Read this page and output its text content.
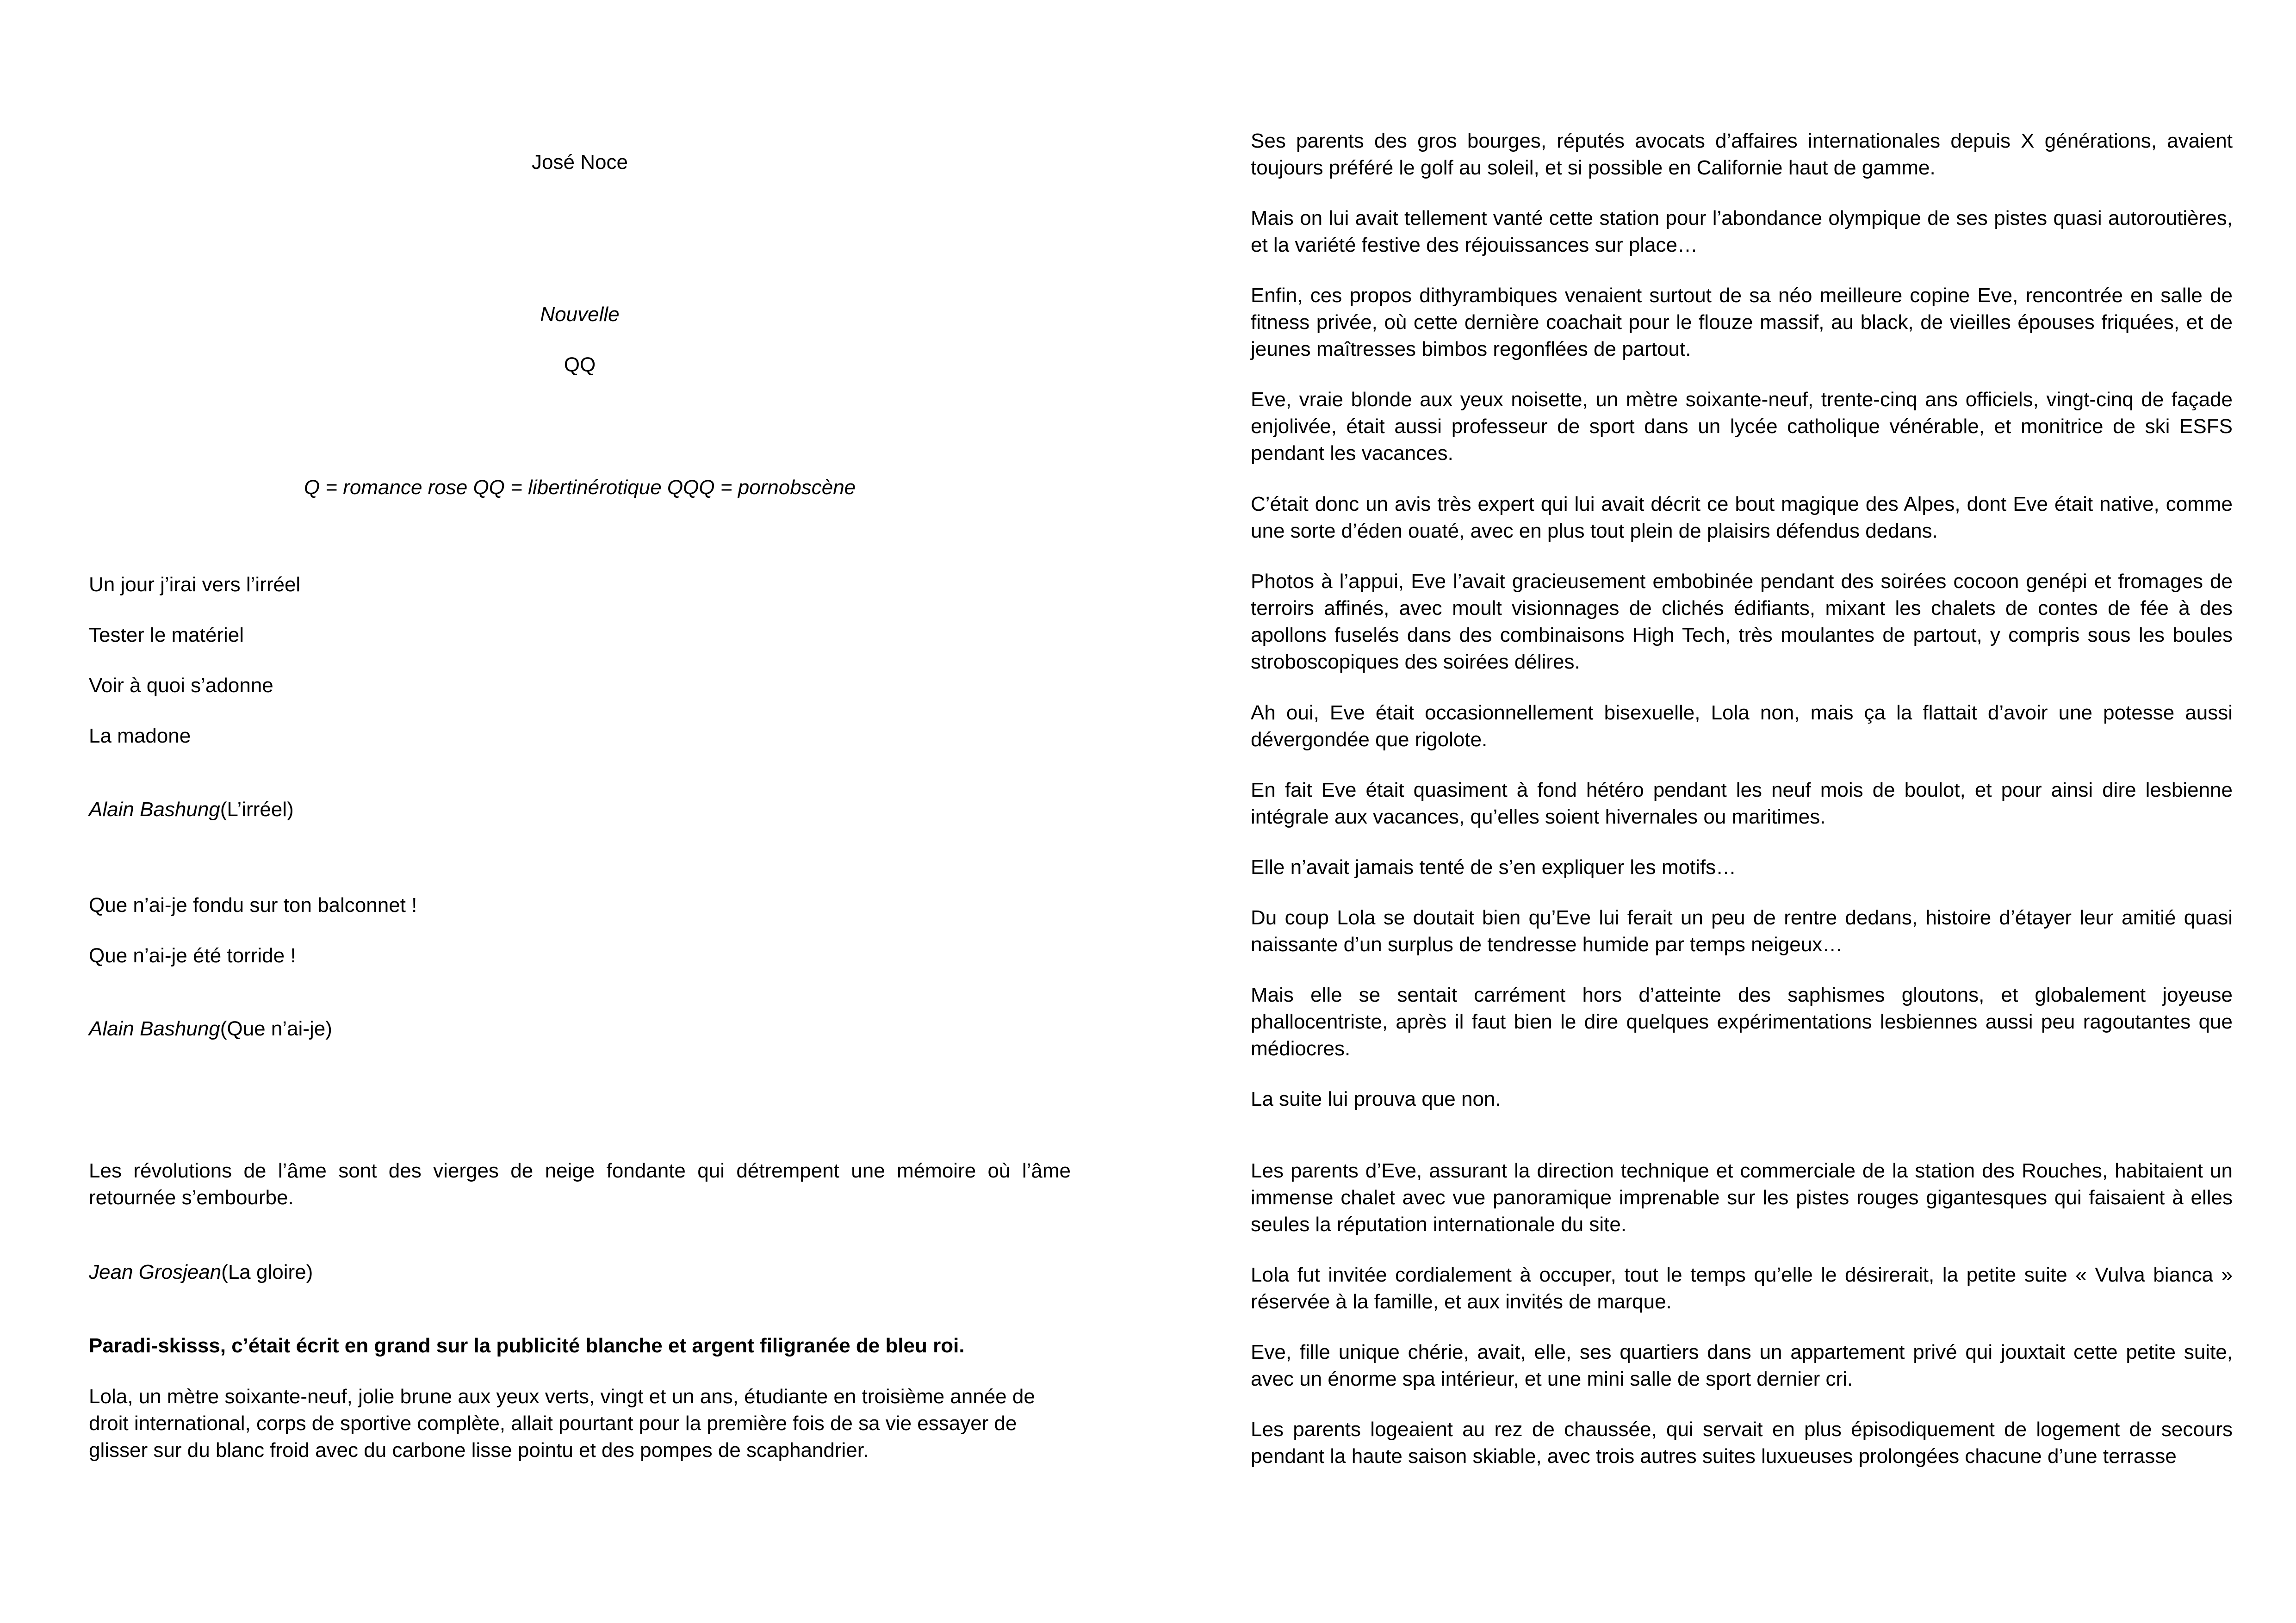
José Noce

Nouvelle

QQ

Q = romance rose QQ = libertinérotique QQQ = pornobscène

Un jour j’irai vers l’irréel

Tester le matériel

Voir à quoi s’adonne

La madone

Alain Bashung(L’irréel)

Que n’ai-je fondu sur ton balconnet !

Que n’ai-je été torride !

Alain Bashung(Que n’ai-je)

Les révolutions de l’âme sont des vierges de neige fondante qui détrempent une mémoire où l’âme retournée s’embourbe.

Jean Grosjean(La gloire)

Paradi-skisss, c’était écrit en grand sur la publicité blanche et argent filigranée de bleu roi.

Lola, un mètre soixante-neuf, jolie brune aux yeux verts, vingt et un ans, étudiante en troisième année de droit international, corps de sportive complète, allait pourtant pour la première fois de sa vie essayer de glisser sur du blanc froid avec du carbone lisse pointu et des pompes de scaphandrier.

Ses parents des gros bourges, réputés avocats d’affaires internationales depuis X générations, avaient toujours préféré le golf au soleil, et si possible en Californie haut de gamme.

Mais on lui avait tellement vanté cette station pour l’abondance olympique de ses pistes quasi autoroutières, et la variété festive des réjouissances sur place…

Enfin, ces propos dithyrambiques venaient surtout de sa néo meilleure copine Eve, rencontrée en salle de fitness privée, où cette dernière coachait pour le flouze massif, au black, de vieilles épouses friquées, et de jeunes maîtresses bimbos regonflées de partout.

Eve, vraie blonde aux yeux noisette, un mètre soixante-neuf, trente-cinq ans officiels, vingt-cinq de façade enjolivée, était aussi professeur de sport dans un lycée catholique vénérable, et monitrice de ski ESFS pendant les vacances.

C’était donc un avis très expert qui lui avait décrit ce bout magique des Alpes, dont Eve était native, comme une sorte d’éden ouaté, avec en plus tout plein de plaisirs défendus dedans.

Photos à l’appui, Eve l’avait gracieusement embobinée pendant des soirées cocoon genépi et fromages de terroirs affinés, avec moult visionnages de clichés édifiants, mixant les chalets de contes de fée à des apollons fuselés dans des combinaisons High Tech, très moulantes de partout, y compris sous les boules stroboscopiques des soirées délires.

Ah oui, Eve était occasionnellement bisexuelle, Lola non, mais ça la flattait d’avoir une potesse aussi dévergondée que rigolote.

En fait Eve était quasiment à fond hétéro pendant les neuf mois de boulot, et pour ainsi dire lesbienne intégrale aux vacances, qu’elles soient hivernales ou maritimes.

Elle n’avait jamais tenté de s’en expliquer les motifs…

Du coup Lola se doutait bien qu’Eve lui ferait un peu de rentre dedans, histoire d’étayer leur amitié quasi naissante d’un surplus de tendresse humide par temps neigeux…

Mais elle se sentait carrément hors d’atteinte des saphismes gloutons, et globalement joyeuse phallocentriste, après il faut bien le dire quelques expérimentations lesbiennes aussi peu ragoutantes que médiocres.

La suite lui prouva que non.

Les parents d’Eve, assurant la direction technique et commerciale de la station des Rouches, habitaient un immense chalet avec vue panoramique imprenable sur les pistes rouges gigantesques qui faisaient à elles seules la réputation internationale du site.

Lola fut invitée cordialement à occuper, tout le temps qu’elle le désirerait, la petite suite « Vulva bianca » réservée à la famille, et aux invités de marque.

Eve, fille unique chérie, avait, elle, ses quartiers dans un appartement privé qui jouxtait cette petite suite, avec un énorme spa intérieur, et une mini salle de sport dernier cri.

Les parents logeaient au rez de chaussée, qui servait en plus épisodiquement de logement de secours pendant la haute saison skiable, avec trois autres suites luxueuses prolongées chacune d’une terrasse
